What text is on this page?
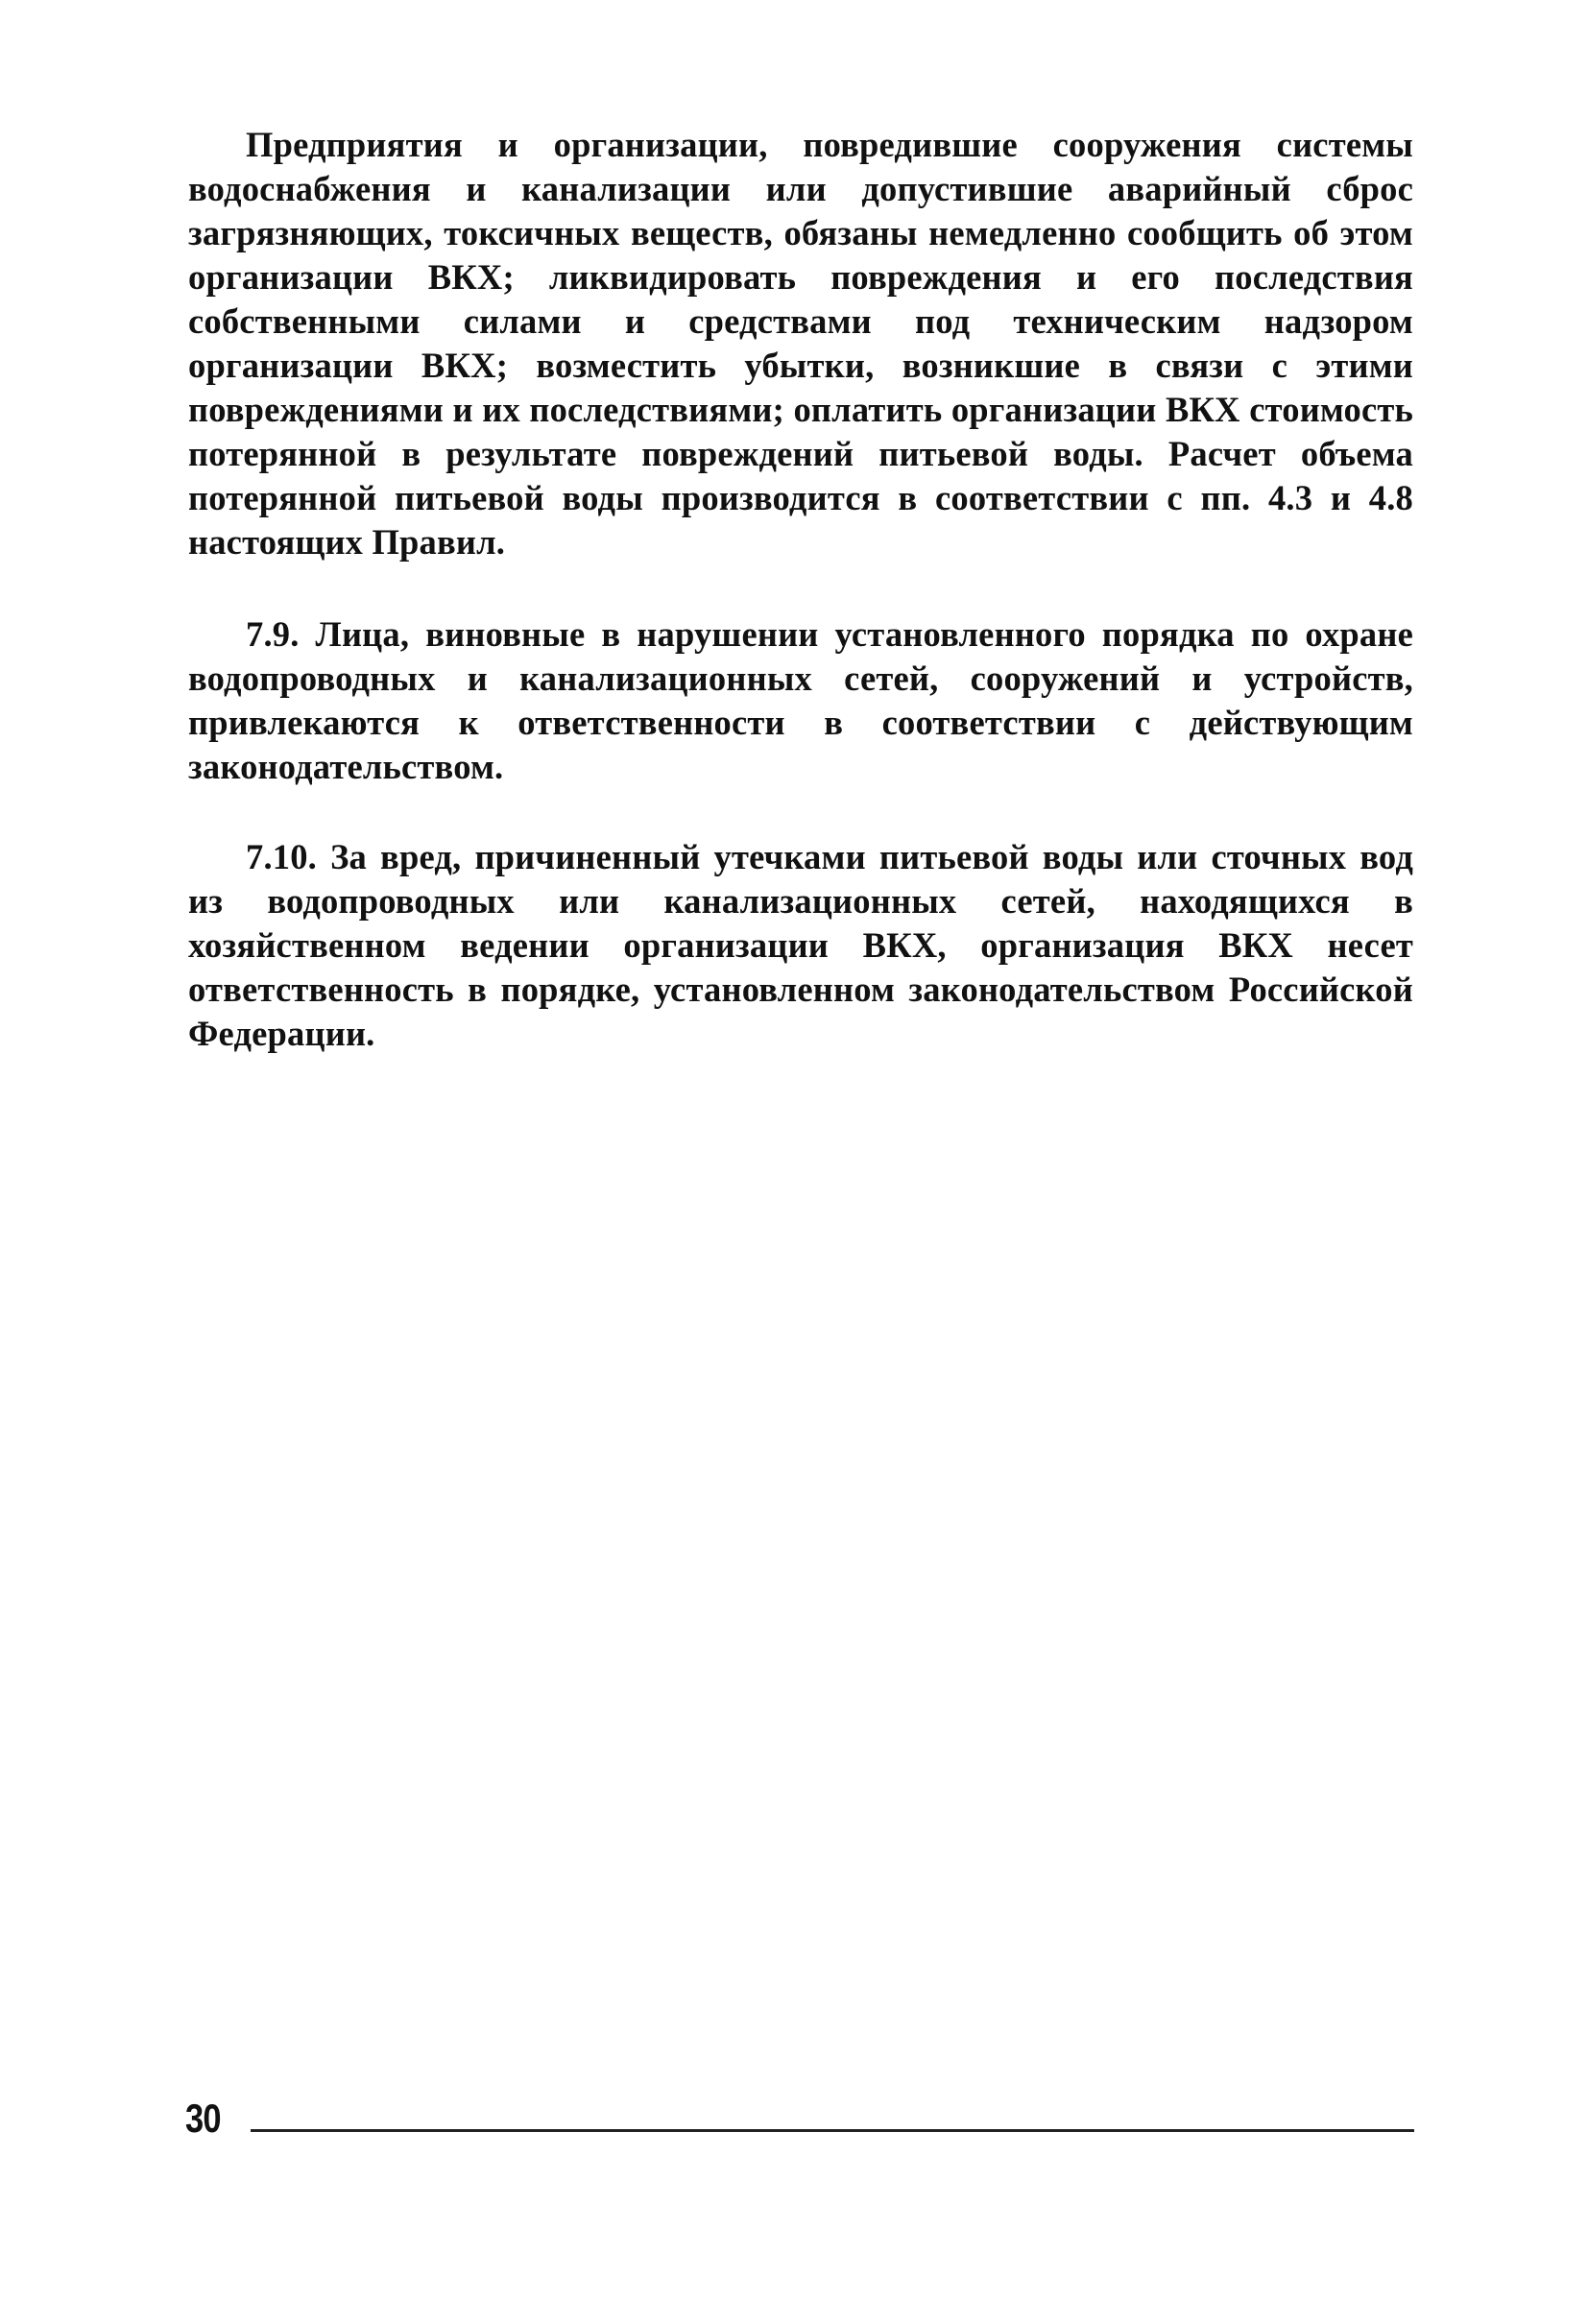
Предприятия и организации, повредившие сооружения системы водоснабжения и канализации или допустившие аварийный сброс загрязняющих, токсичных веществ, обязаны немедленно сообщить об этом организации ВКХ; ликвидировать повреждения и его последствия собственными силами и средствами под техническим надзором организации ВКХ; возместить убытки, возникшие в связи с этими повреждениями и их последствиями; оплатить организации ВКХ стоимость потерянной в результате повреждений питьевой воды. Расчет объема потерянной питьевой воды производится в соответствии с пп. 4.3 и 4.8 настоящих Правил.

7.9. Лица, виновные в нарушении установленного порядка по охране водопроводных и канализационных сетей, сооружений и устройств, привлекаются к ответственности в соответствии с действующим законодательством.

7.10. За вред, причиненный утечками питьевой воды или сточных вод из водопроводных или канализационных сетей, находящихся в хозяйственном ведении организации ВКХ, организация ВКХ несет ответственность в порядке, установленном законодательством Российской Федерации.

30
